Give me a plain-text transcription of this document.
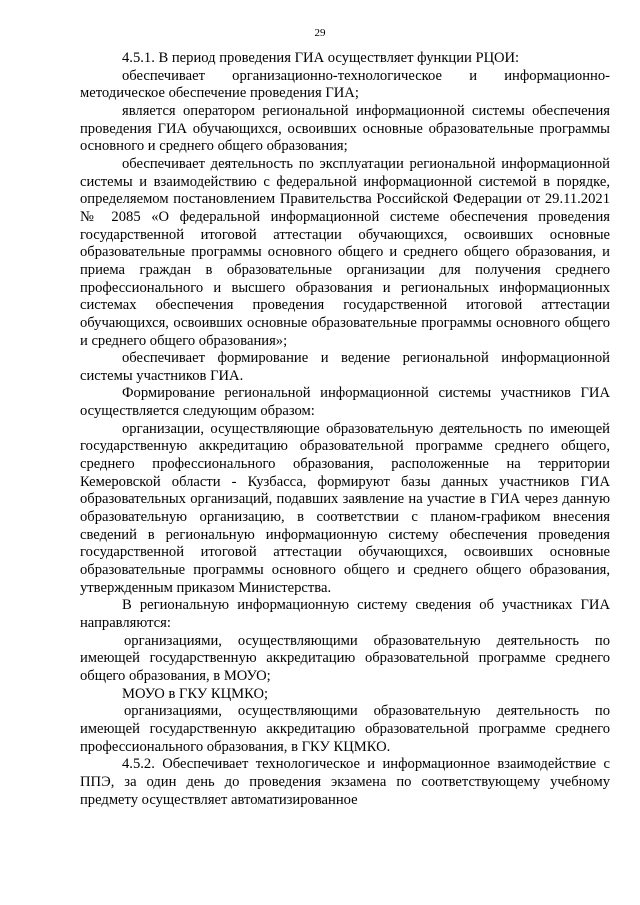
29

4.5.1. В период проведения ГИА осуществляет функции РЦОИ:

обеспечивает организационно-технологическое и информационно-методическое обеспечение проведения ГИА;

является оператором региональной информационной системы обеспечения проведения ГИА обучающихся, освоивших основные образовательные программы основного и среднего общего образования;

обеспечивает деятельность по эксплуатации региональной информационной системы и взаимодействию с федеральной информационной системой в порядке, определяемом постановлением Правительства Российской Федерации от 29.11.2021 № 2085 «О федеральной информационной системе обеспечения проведения государственной итоговой аттестации обучающихся, освоивших основные образовательные программы основного общего и среднего общего образования, и приема граждан в образовательные организации для получения среднего профессионального и высшего образования и региональных информационных системах обеспечения проведения государственной итоговой аттестации обучающихся, освоивших основные образовательные программы основного общего и среднего общего образования»;

обеспечивает формирование и ведение региональной информационной системы участников ГИА.

Формирование региональной информационной системы участников ГИА осуществляется следующим образом:

организации, осуществляющие образовательную деятельность по имеющей государственную аккредитацию образовательной программе среднего общего, среднего профессионального образования, расположенные на территории Кемеровской области - Кузбасса, формируют базы данных участников ГИА образовательных организаций, подавших заявление на участие в ГИА через данную образовательную организацию, в соответствии с планом-графиком внесения сведений в региональную информационную систему обеспечения проведения государственной итоговой аттестации обучающихся, освоивших основные образовательные программы основного общего и среднего общего образования, утвержденным приказом Министерства.

В региональную информационную систему сведения об участниках ГИА направляются:

организациями, осуществляющими образовательную деятельность по имеющей государственную аккредитацию образовательной программе среднего общего образования, в МОУО;

МОУО в ГКУ КЦМКО;

организациями, осуществляющими образовательную деятельность по имеющей государственную аккредитацию образовательной программе среднего профессионального образования, в ГКУ КЦМКО.

4.5.2. Обеспечивает технологическое и информационное взаимодействие с ППЭ, за один день до проведения экзамена по соответствующему учебному предмету осуществляет автоматизированное
